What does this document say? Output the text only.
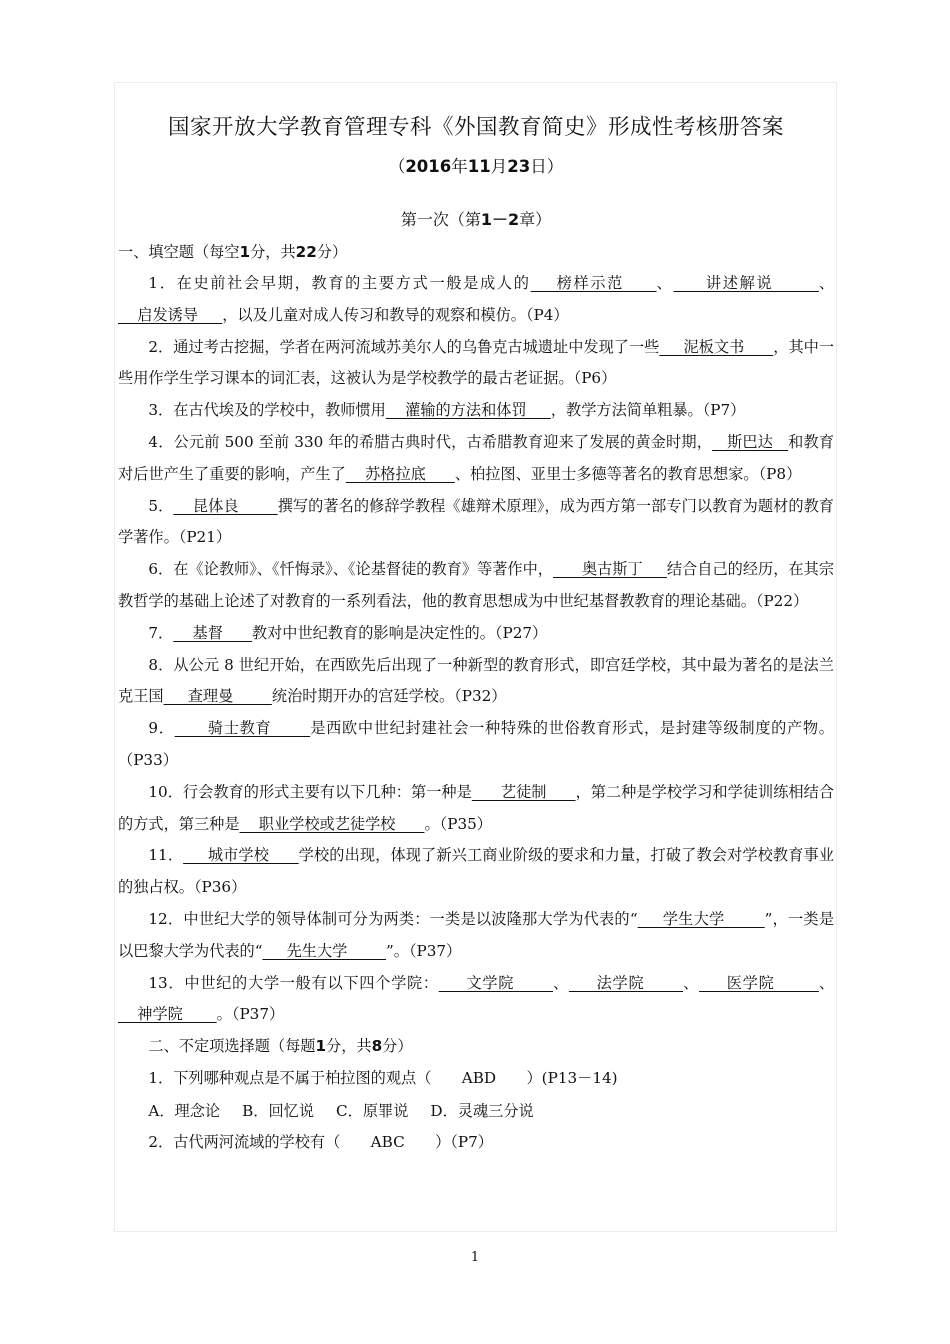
国家开放大学教育管理专科《外国教育简史》形成性考核册答案
（2016年11月23日）
第一次（第1－2章）
一、填空题（每空1分，共22分）

1．在史前社会早期，教育的主要方式一般是成人的    榜样示范     、     讲述解说       、    启发诱导     ，以及儿童对成人传习和教导的观察和模仿。（P4）

2．通过考古挖掘，学者在两河流域苏美尔人的乌鲁克古城遗址中发现了一些     泥板文书      ，其中一些用作学生学习课本的词汇表，这被认为是学校教学的最古老证据。（P6）

3．在古代埃及的学校中，教师惯用    灌输的方法和体罚     ，教学方法简单粗暴。（P7）

4．公元前 500 至前 330 年的希腊古典时代，古希腊教育迎来了发展的黄金时期，   斯巴达   和教育对后世产生了重要的影响，产生了    苏格拉底      、柏拉图、亚里士多德等著名的教育思想家。（P8）

5．    昆体良        撰写的著名的修辞学教程《雄辩术原理》，成为西方第一部专门以教育为题材的教育学著作。（P21）

6．在《论教师》、《忏悔录》、《论基督徒的教育》等著作中，      奥古斯丁     结合自己的经历，在其宗教哲学的基础上论述了对教育的一系列看法，他的教育思想成为中世纪基督教教育的理论基础。（P22）

7．    基督      教对中世纪教育的影响是决定性的。（P27）

8．从公元 8 世纪开始，在西欧先后出现了一种新型的教育形式，即宫廷学校，其中最为著名的是法兰克王国     查理曼        统治时期开办的宫廷学校。（P32）

9．      骑士教育       是西欧中世纪封建社会一种特殊的世俗教育形式，是封建等级制度的产物。（P33）

10．行会教育的形式主要有以下几种：第一种是      艺徒制      ，第二种是学校学习和学徒训练相结合的方式，第三种是    职业学校或艺徒学校      。（P35）

11．     城市学校      学校的出现，体现了新兴工商业阶级的要求和力量，打破了教会对学校教育事业的独占权。（P36）

12．中世纪大学的领导体制可分为两类：一类是以波隆那大学为代表的“     学生大学        ”，一类是以巴黎大学为代表的“     先生大学        ”。（P37）

13．中世纪的大学一般有以下四个学院：     文学院       、     法学院       、     医学院        、    神学院       。（P37）

二、不定项选择题（每题1分，共8分）

1．下列哪种观点是不属于柏拉图的观点（　　ABD　　）(P13－14)

A．理念论 B．回忆说 C．原罪说 D．灵魂三分说

2．古代两河流域的学校有（　　ABC　　）（P7）

1
